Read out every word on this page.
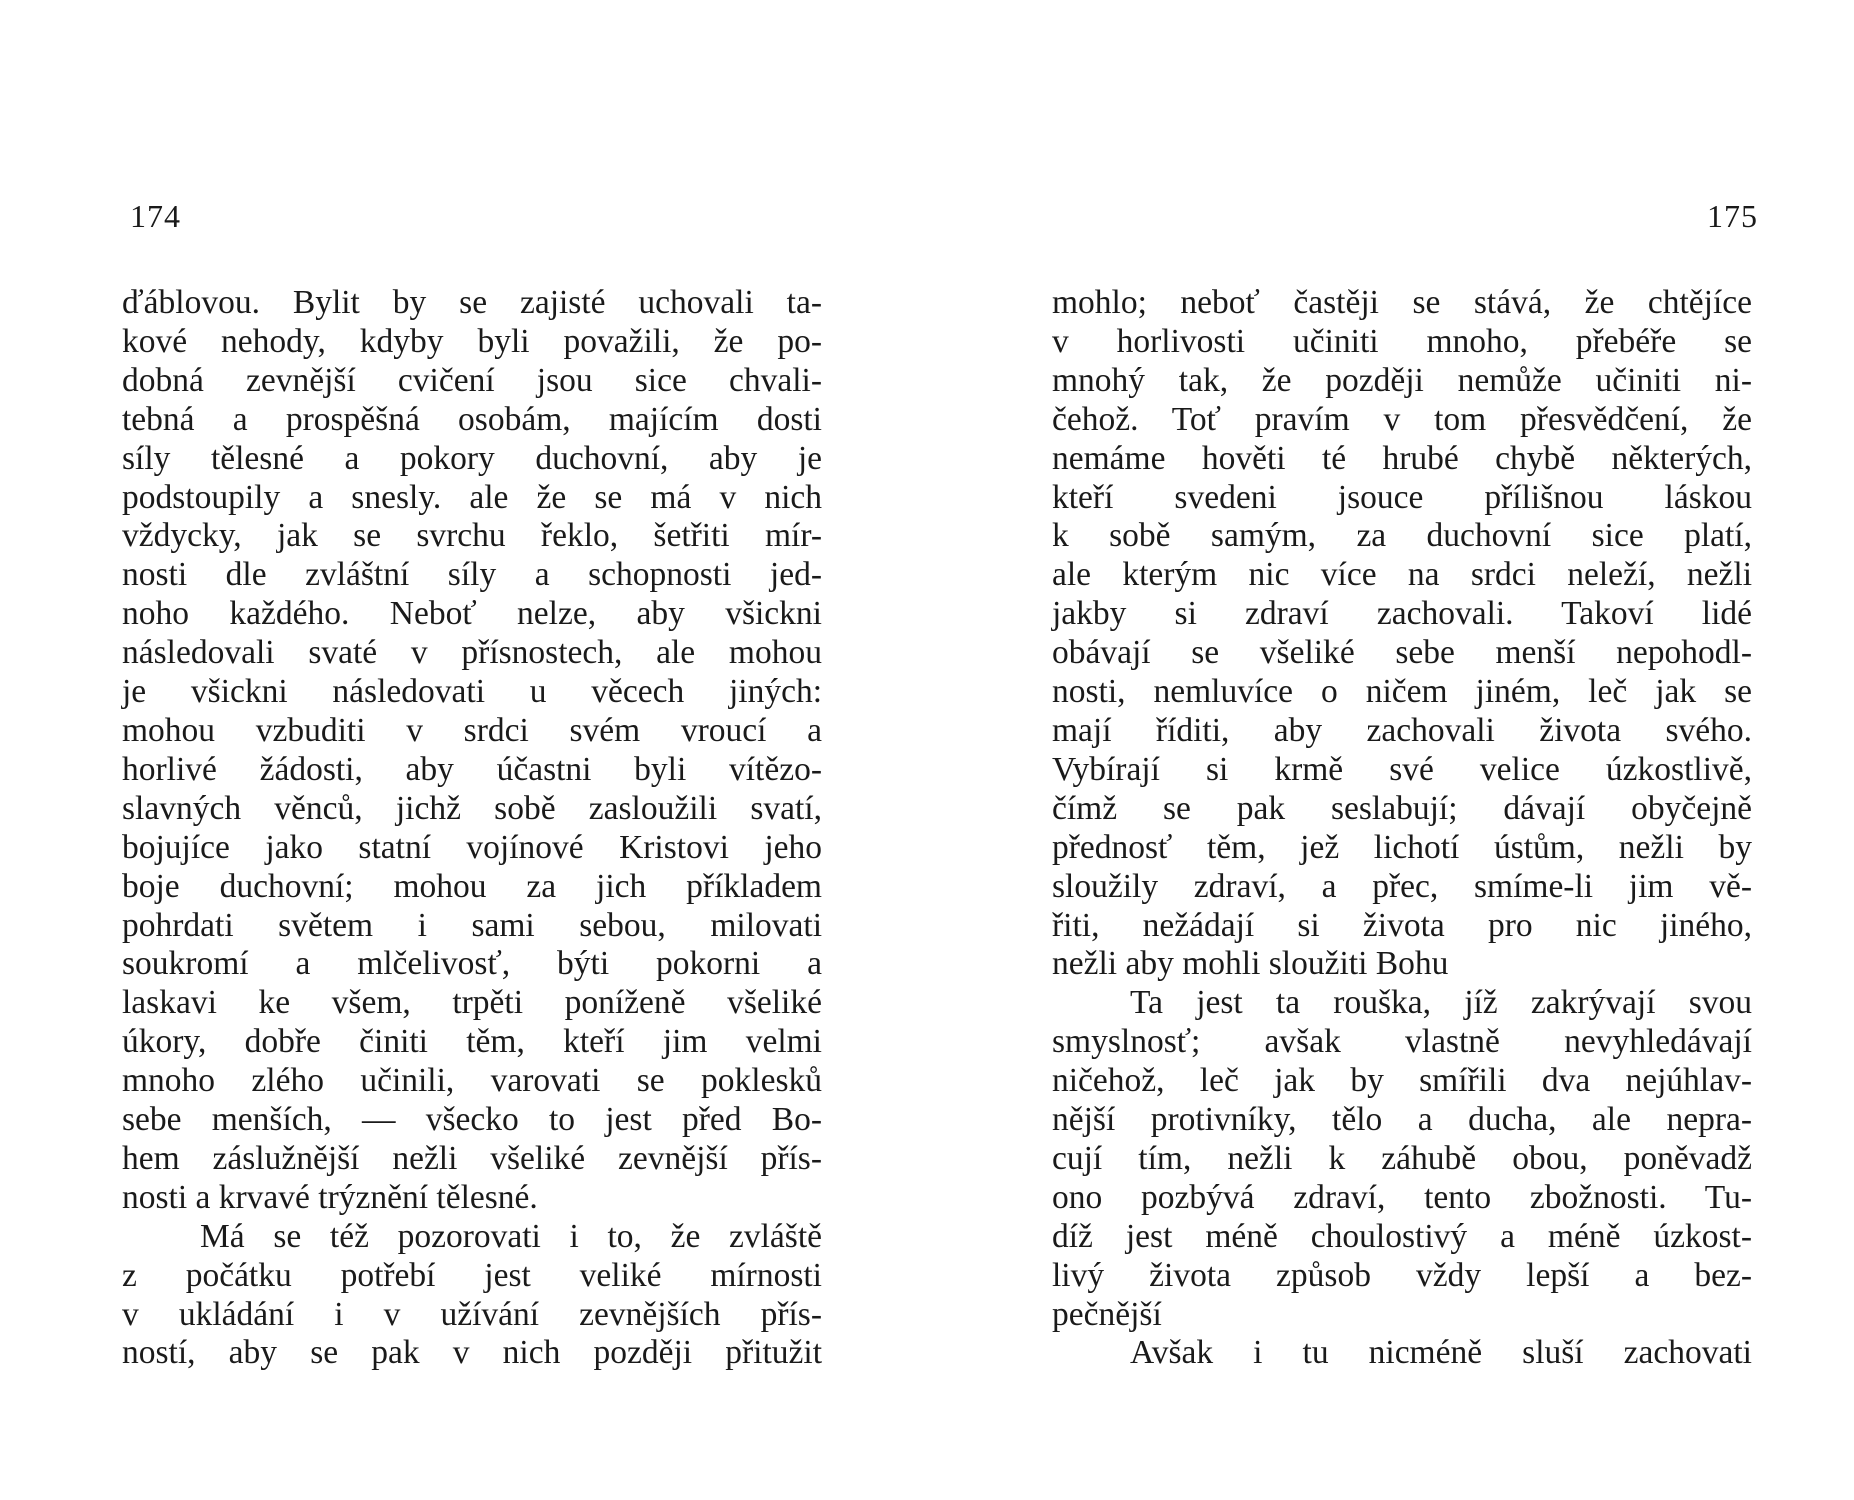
174
ďáblovou. Bylit by se zajisté uchovali ta-
kové nehody, kdyby byli považili, že po-
dobná zevnější cvičení jsou sice chvali-
tebná a prospěšná osobám, majícím dosti
síly tělesné a pokory duchovní, aby je
podstoupily a snesly. ale že se má v nich
vždycky, jak se svrchu řeklo, šetřiti mír-
nosti dle zvláštní síly a schopnosti jed-
noho každého. Neboť nelze, aby všickni
následovali svaté v přísnostech, ale mohou
je všickni následovati u věcech jiných:
mohou vzbuditi v srdci svém vroucí a
horlivé žádosti, aby účastni byli vítězo-
slavných věnců, jichž sobě zasloužili svatí,
bojujíce jako statní vojínové Kristovi jeho
boje duchovní; mohou za jich příkladem
pohrdati světem i sami sebou, milovati
soukromí a mlčelivosť, býti pokorni a
laskavi ke všem, trpěti poníženě všeliké
úkory, dobře činiti těm, kteří jim velmi
mnoho zlého učinili, varovati se poklesků
sebe menších, — všecko to jest před Bo-
hem záslužnější nežli všeliké zevnější přís-
nosti a krvavé trýznění tělesné.
Má se též pozorovati i to, že zvláště
z počátku potřebí jest veliké mírnosti
v ukládání i v užívání zevnějších přís-
ností, aby se pak v nich později přitužit
175
mohlo; neboť častěji se stává, že chtějíce
v horlivosti učiniti mnoho, přebéře se
mnohý tak, že později nemůže učiniti ni-
čehož. Toť pravím v tom přesvědčení, že
nemáme hověti té hrubé chybě některých,
kteří svedeni jsouce přílišnou láskou
k sobě samým, za duchovní sice platí,
ale kterým nic více na srdci neleží, nežli
jakby si zdraví zachovali. Takoví lidé
obávají se všeliké sebe menší nepohodl-
nosti, nemluvíce o ničem jiném, leč jak se
mají říditi, aby zachovali života svého.
Vybírají si krmě své velice úzkostlivě,
čímž se pak seslabují; dávají obyčejně
přednosť těm, jež lichotí ústům, nežli by
sloužily zdraví, a přec, smíme-li jim vě-
řiti, nežádají si života pro nic jiného,
nežli aby mohli sloužiti Bohu
Ta jest ta rouška, jíž zakrývají svou
smyslnosť; avšak vlastně nevyhledávají
ničehož, leč jak by smířili dva nejúhlav-
nější protivníky, tělo a ducha, ale nepra-
cují tím, nežli k záhubě obou, poněvadž
ono pozbývá zdraví, tento zbožnosti. Tu-
díž jest méně choulostivý a méně úzkost-
livý života způsob vždy lepší a bez-
pečnější
Avšak i tu nicméně sluší zachovati
